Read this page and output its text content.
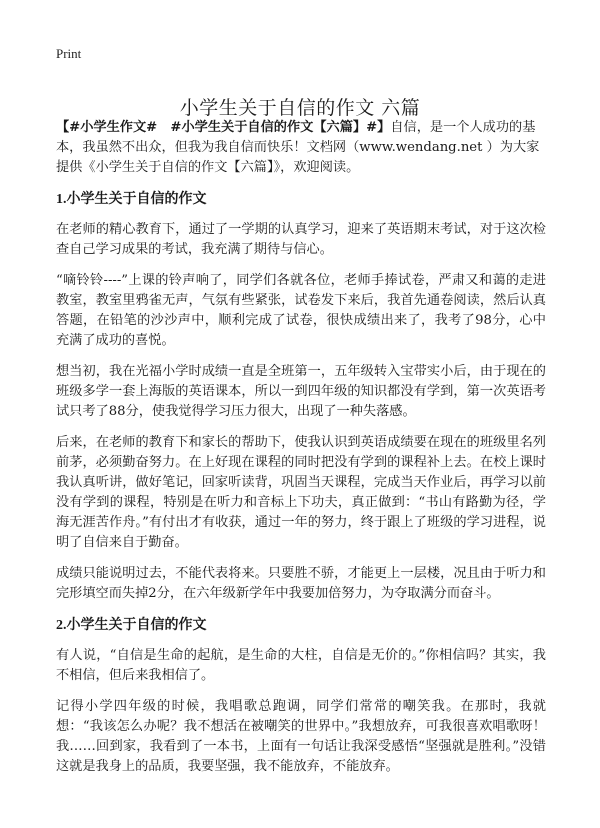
Print
小学生关于自信的作文 六篇

【#小学生作文#　#小学生关于自信的作文【六篇】#】自信，是一个人成功的基本，我虽然不出众，但我为我自信而快乐！文档网（www.wendang.net ）为大家提供《小学生关于自信的作文【六篇】》，欢迎阅读。

1.小学生关于自信的作文

在老师的精心教育下，通过了一学期的认真学习，迎来了英语期末考试，对于这次检查自己学习成果的考试，我充满了期待与信心。

“嘀铃铃----”上课的铃声响了，同学们各就各位，老师手捧试卷，严肃又和蔼的走进教室，教室里鸦雀无声，气氛有些紧张，试卷发下来后，我首先通卷阅读，然后认真答题，在铅笔的沙沙声中，顺利完成了试卷，很快成绩出来了，我考了98分，心中充满了成功的喜悦。

想当初，我在光福小学时成绩一直是全班第一，五年级转入宝带实小后，由于现在的班级多学一套上海版的英语课本，所以一到四年级的知识都没有学到，第一次英语考试只考了88分，使我觉得学习压力很大，出现了一种失落感。

后来，在老师的教育下和家长的帮助下，使我认识到英语成绩要在现在的班级里名列前茅，必须勤奋努力。在上好现在课程的同时把没有学到的课程补上去。在校上课时我认真听讲，做好笔记，回家听读背，巩固当天课程，完成当天作业后，再学习以前没有学到的课程，特别是在听力和音标上下功夫，真正做到：“书山有路勤为径，学海无涯苦作舟。”有付出才有收获，通过一年的努力，终于跟上了班级的学习进程，说明了自信来自于勤奋。

成绩只能说明过去，不能代表将来。只要胜不骄，才能更上一层楼，况且由于听力和完形填空而失掉2分，在六年级新学年中我要加倍努力，为夺取满分而奋斗。

2.小学生关于自信的作文

有人说，“自信是生命的起航，是生命的大柱，自信是无价的。”你相信吗？其实，我不相信，但后来我相信了。

记得小学四年级的时候，我唱歌总跑调，同学们常常的嘲笑我。在那时，我就想：“我该怎么办呢？我不想活在被嘲笑的世界中。”我想放弃，可我很喜欢唱歌呀！我……回到家，我看到了一本书，上面有一句话让我深受感悟“坚强就是胜利。”没错这就是我身上的品质，我要坚强，我不能放弃，不能放弃。
